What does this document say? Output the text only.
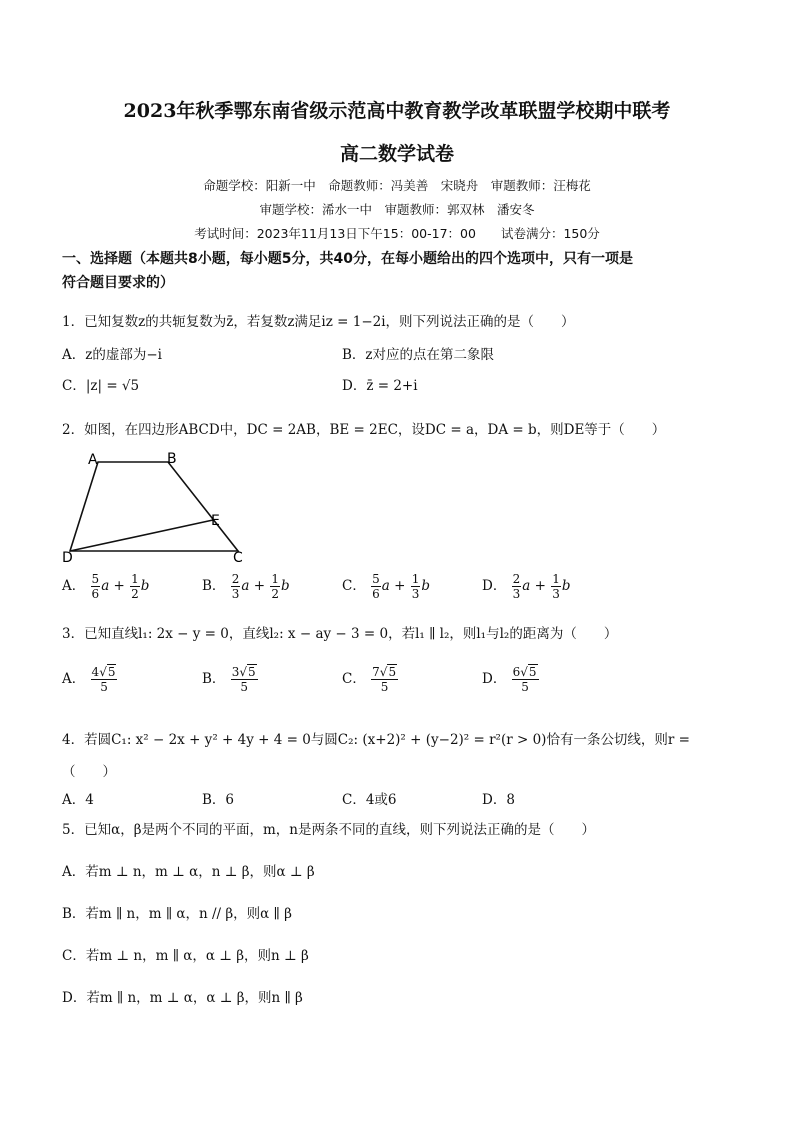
2023年秋季鄂东南省级示范高中教育教学改革联盟学校期中联考
高二数学试卷
命题学校：阳新一中　命题教师：冯美善　宋晓舟　审题教师：汪梅花
审题学校：浠水一中　审题教师：郭双林　潘安冬
考试时间：2023年11月13日下午15：00-17：00　　试卷满分：150分
一、选择题（本题共8小题，每小题5分，共40分，在每小题给出的四个选项中，只有一项是
符合题目要求的）
1．已知复数z的共轭复数为z̄，若复数z满足iz = 1−2i，则下列说法正确的是（　　）
A．z的虚部为−i	B．z对应的点在第二象限
C．|z| = √5	D．z̄ = 2+i
2．如图，在四边形ABCD中，DC = 2AB，BE = 2EC，设DC = a，DA = b，则DE等于（　　）
A	B
E
C
D
A． $\frac{5}{6}$ $a + \frac{1}{2}$ b	B． $\frac{2}{3}$ $a + \frac{1}{2}$ b	C． $\frac{5}{6}$ $a + \frac{1}{3}$ b	D． $\frac{2}{3}$ $a + \frac{1}{3}$ b
3．已知直线l₁: 2x − y = 0，直线l₂: x − ay − 3 = 0，若l₁ ∥ l₂，则l₁与l₂的距离为（　　）
A． $\frac{4√5}{5}$	B． $\frac{3√5}{5}$	C． $\frac{7√5}{5}$	D． $\frac{6√5}{5}$
4．若圆C₁: x² − 2x + y² + 4y + 4 = 0与圆C₂: (x+2)² + (y−2)² = r²(r > 0)恰有一条公切线，则r =
（　　）
A．4	B．6	C．4或6	D．8
5．已知α，β是两个不同的平面，m，n是两条不同的直线，则下列说法正确的是（　　）
A．若m ⊥ n，m ⊥ α，n ⊥ β，则α ⊥ β
B．若m ∥ n，m ∥ α，n // β，则α ∥ β
C．若m ⊥ n，m ∥ α，α ⊥ β，则n ⊥ β
D．若m ∥ n，m ⊥ α，α ⊥ β，则n ∥ β
